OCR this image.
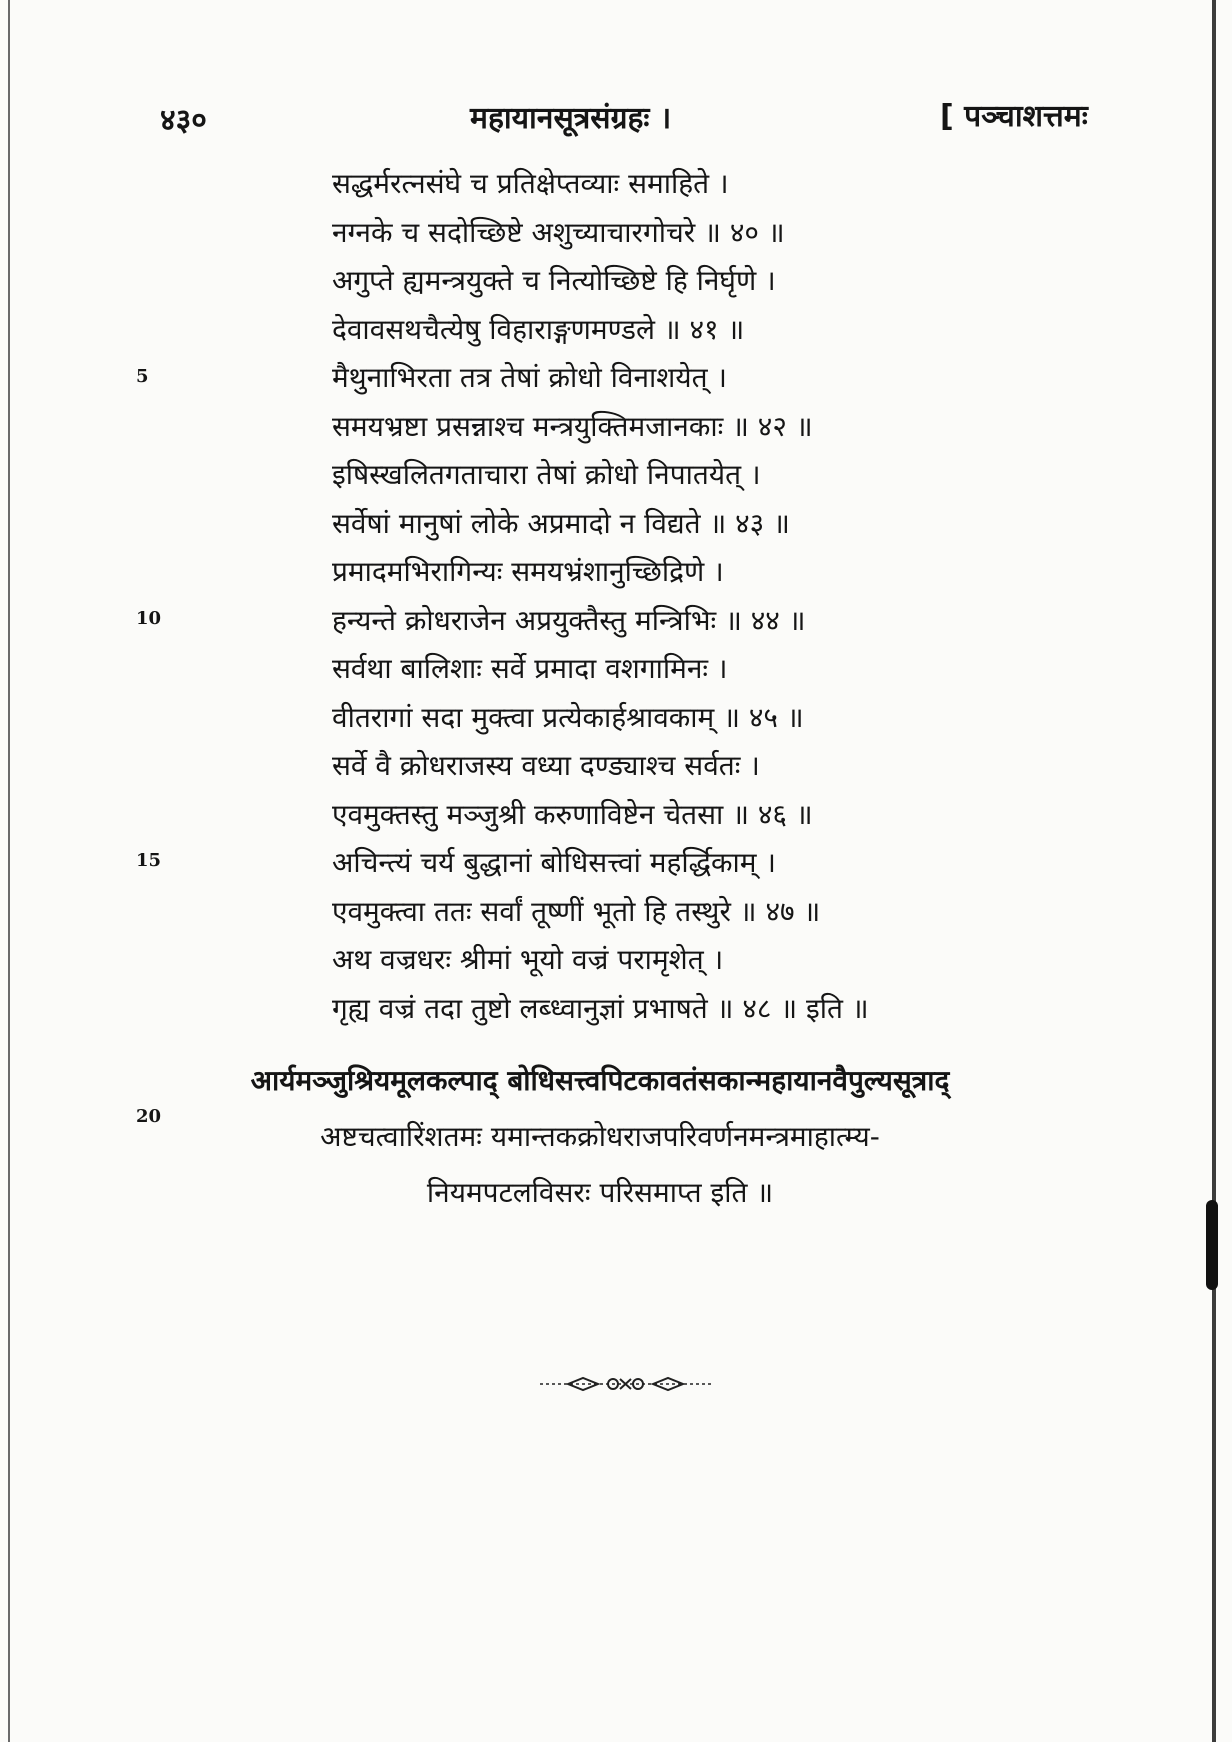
४३०	महायानसूत्रसंग्रहः ।	[ पञ्चाशत्तमः
5
10
15
20
सद्धर्मरत्नसंघे च प्रतिक्षेप्तव्याः समाहिते ।
नग्नके च सदोच्छिष्टे अशुच्याचारगोचरे ॥ ४० ॥
अगुप्ते ह्यमन्त्रयुक्ते च नित्योच्छिष्टे हि निर्घृणे ।
देवावसथचैत्येषु विहाराङ्गणमण्डले ॥ ४१ ॥
मैथुनाभिरता तत्र तेषां क्रोधो विनाशयेत् ।
समयभ्रष्टा प्रसन्नाश्च मन्त्रयुक्तिमजानकाः ॥ ४२ ॥
इषिस्खलितगताचारा तेषां क्रोधो निपातयेत् ।
सर्वेषां मानुषां लोके अप्रमादो न विद्यते ॥ ४३ ॥
प्रमादमभिरागिन्यः समयभ्रंशानुच्छिद्रिणे ।
हन्यन्ते क्रोधराजेन अप्रयुक्तैस्तु मन्त्रिभिः ॥ ४४ ॥
सर्वथा बालिशाः सर्वे प्रमादा वशगामिनः ।
वीतरागां सदा मुक्त्वा प्रत्येकार्हश्रावकाम् ॥ ४५ ॥
सर्वे वै क्रोधराजस्य वध्या दण्ड्याश्च सर्वतः ।
एवमुक्तस्तु मञ्जुश्री करुणाविष्टेन चेतसा ॥ ४६ ॥
अचिन्त्यं चर्य बुद्धानां बोधिसत्त्वां महर्द्धिकाम् ।
एवमुक्त्वा ततः सर्वां तूष्णीं भूतो हि तस्थुरे ॥ ४७ ॥
अथ वज्रधरः श्रीमां भूयो वज्रं परामृशेत् ।
गृह्य वज्रं तदा तुष्टो लब्ध्वानुज्ञां प्रभाषते ॥ ४८ ॥ इति ॥
आर्यमञ्जुश्रियमूलकल्पाद् बोधिसत्त्वपिटकावतंसकान्महायानवैपुल्यसूत्राद्
अष्टचत्वारिंशतमः यमान्तकक्रोधराजपरिवर्णनमन्त्रमाहात्म्य-
नियमपटलविसरः परिसमाप्त इति ॥
